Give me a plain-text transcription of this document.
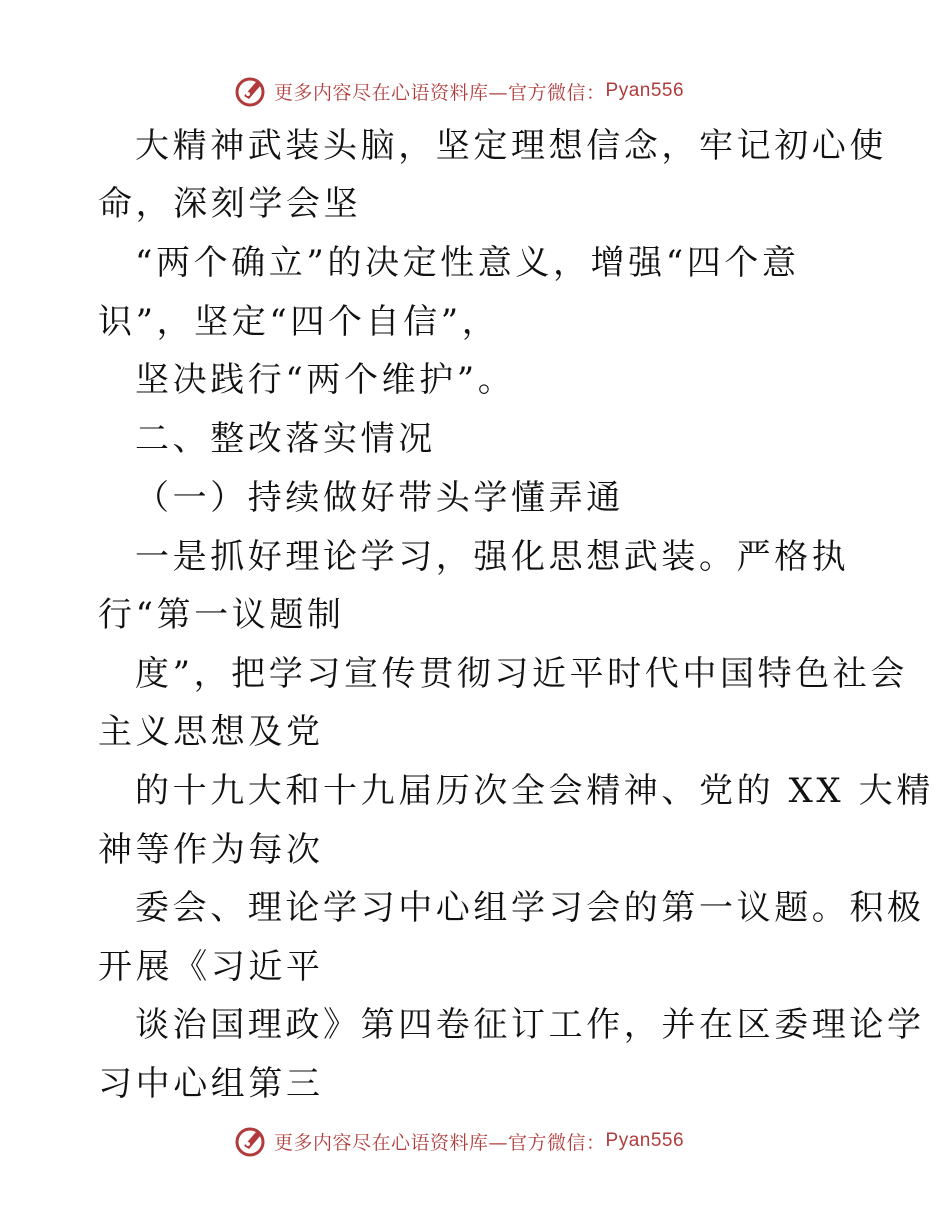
更多内容尽在心语资料库—官方微信： Pyan556
大精神武装头脑，坚定理想信念，牢记初心使
命，深刻学会坚
“两个确立”的决定性意义，增强“四个意
识”，坚定“四个自信”，
坚决践行“两个维护”。
二、整改落实情况
（一）持续做好带头学懂弄通
一是抓好理论学习，强化思想武装。严格执
行“第一议题制
度”，把学习宣传贯彻习近平时代中国特色社会
主义思想及党
的十九大和十九届历次全会精神、党的 XX 大精
神等作为每次
委会、理论学习中心组学习会的第一议题。积极
开展《习近平
谈治国理政》第四卷征订工作，并在区委理论学
习中心组第三
更多内容尽在心语资料库—官方微信： Pyan556
